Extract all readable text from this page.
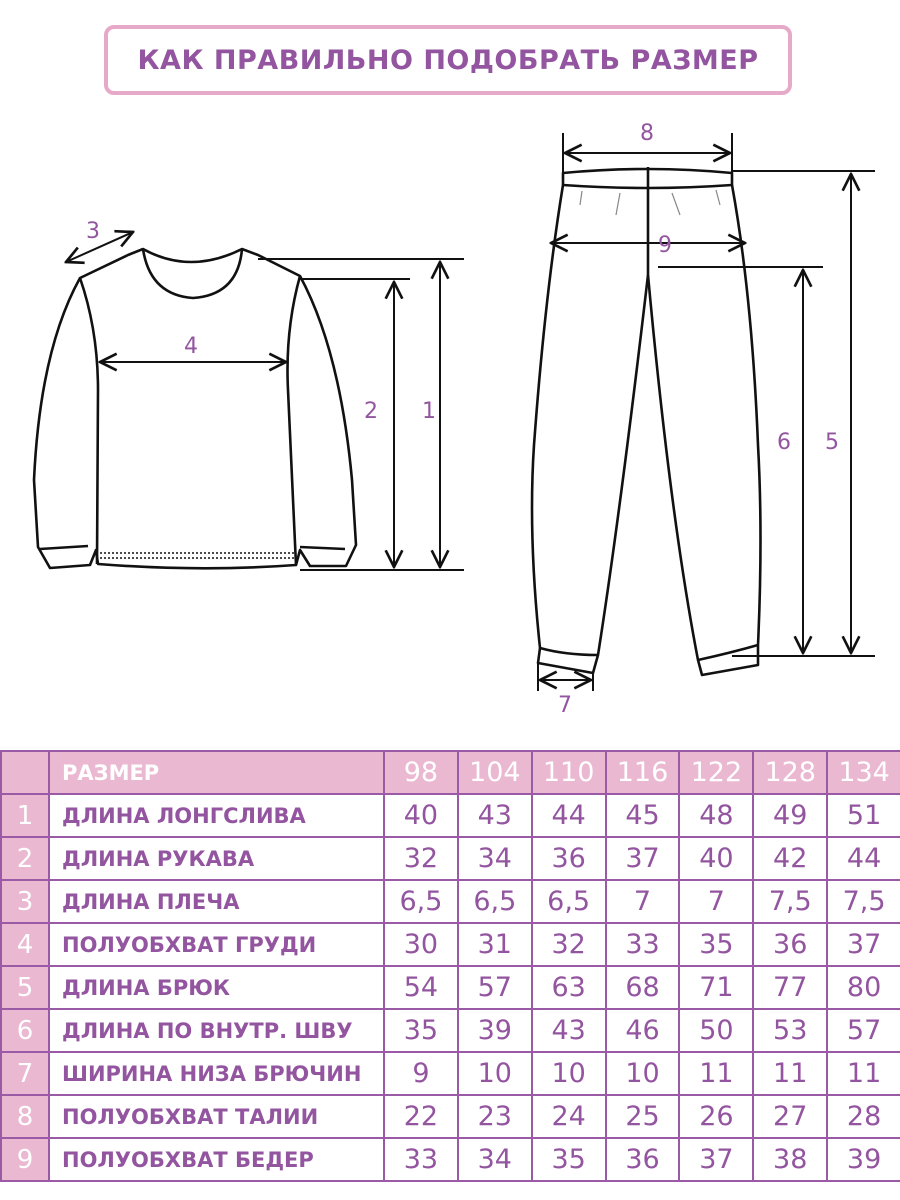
КАК ПРАВИЛЬНО ПОДОБРАТЬ РАЗМЕР
1
2
3
4
5
6
7
8
9
	РАЗМЕР	98	104	110	116	122	128	134
1	ДЛИНА ЛОНГСЛИВА	40	43	44	45	48	49	51
2	ДЛИНА РУКАВА	32	34	36	37	40	42	44
3	ДЛИНА ПЛЕЧА	6,5	6,5	6,5	7	7	7,5	7,5
4	ПОЛУОБХВАТ ГРУДИ	30	31	32	33	35	36	37
5	ДЛИНА БРЮК	54	57	63	68	71	77	80
6	ДЛИНА ПО ВНУТР. ШВУ	35	39	43	46	50	53	57
7	ШИРИНА НИЗА БРЮЧИН	9	10	10	10	11	11	11
8	ПОЛУОБХВАТ ТАЛИИ	22	23	24	25	26	27	28
9	ПОЛУОБХВАТ БЕДЕР	33	34	35	36	37	38	39
